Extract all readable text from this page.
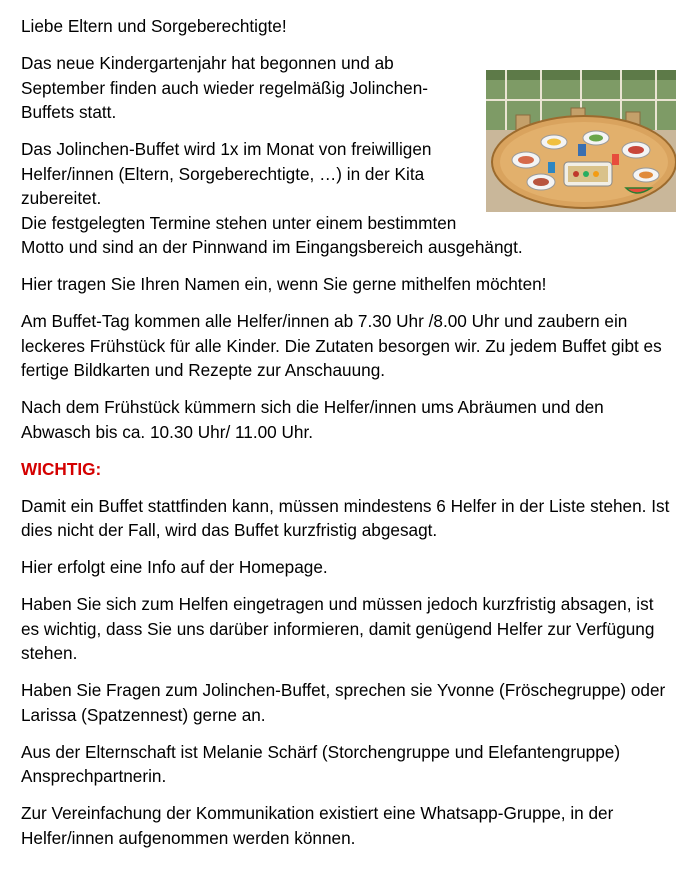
Liebe Eltern und Sorgeberechtigte!

Das neue Kindergartenjahr hat begonnen und ab September finden auch wieder regelmäßig Jolinchen-Buffets statt.

Das Jolinchen-Buffet wird 1x im Monat von freiwilligen Helfer/innen (Eltern, Sorgeberechtigte, …) in der Kita zubereitet.

Die festgelegten Termine stehen unter einem bestimmten Motto und sind an der Pinnwand im Eingangsbereich ausgehängt.

Hier tragen Sie Ihren Namen ein, wenn Sie gerne mithelfen möchten!

Am Buffet-Tag kommen alle Helfer/innen ab 7.30 Uhr /8.00 Uhr und zaubern ein leckeres Frühstück für alle Kinder. Die Zutaten besorgen wir. Zu jedem Buffet gibt es fertige Bildkarten und Rezepte zur Anschauung.

Nach dem Frühstück kümmern sich die Helfer/innen ums Abräumen und den Abwasch bis ca. 10.30 Uhr/ 11.00 Uhr.

WICHTIG:

Damit ein Buffet stattfinden kann, müssen mindestens 6 Helfer in der Liste stehen. Ist dies nicht der Fall, wird das Buffet kurzfristig abgesagt.

Hier erfolgt eine Info auf der Homepage.

Haben Sie sich zum Helfen eingetragen und müssen jedoch kurzfristig absagen, ist es wichtig, dass Sie uns darüber informieren, damit genügend Helfer zur Verfügung stehen.

Haben Sie Fragen zum Jolinchen-Buffet, sprechen sie Yvonne (Fröschegruppe) oder Larissa (Spatzennest) gerne an.

Aus der Elternschaft ist Melanie Schärf (Storchengruppe und Elefantengruppe) Ansprechpartnerin.

Zur Vereinfachung der Kommunikation existiert eine Whatsapp-Gruppe, in der Helfer/innen aufgenommen werden können.
